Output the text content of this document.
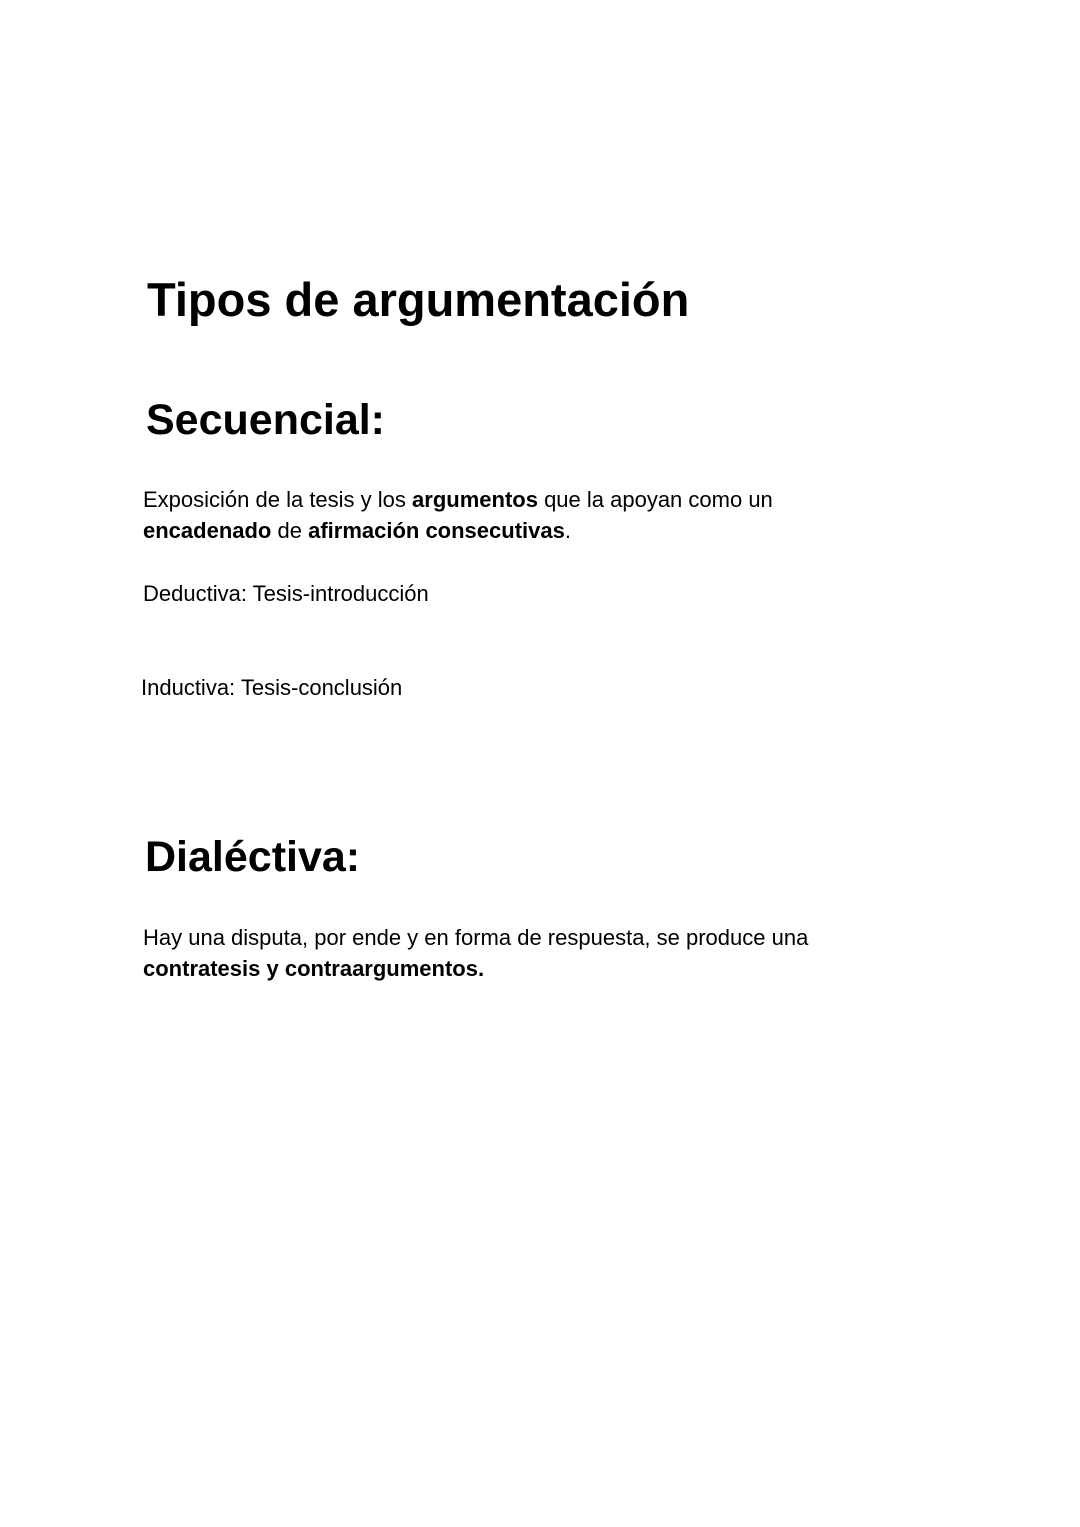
Tipos de argumentación
Secuencial:
Exposición de la tesis y los argumentos que la apoyan como un
encadenado de afirmación consecutivas.
Deductiva: Tesis-introducción
Inductiva: Tesis-conclusión
Dialéctiva:
Hay una disputa, por ende y en forma de respuesta, se produce una
contratesis y contraargumentos.
